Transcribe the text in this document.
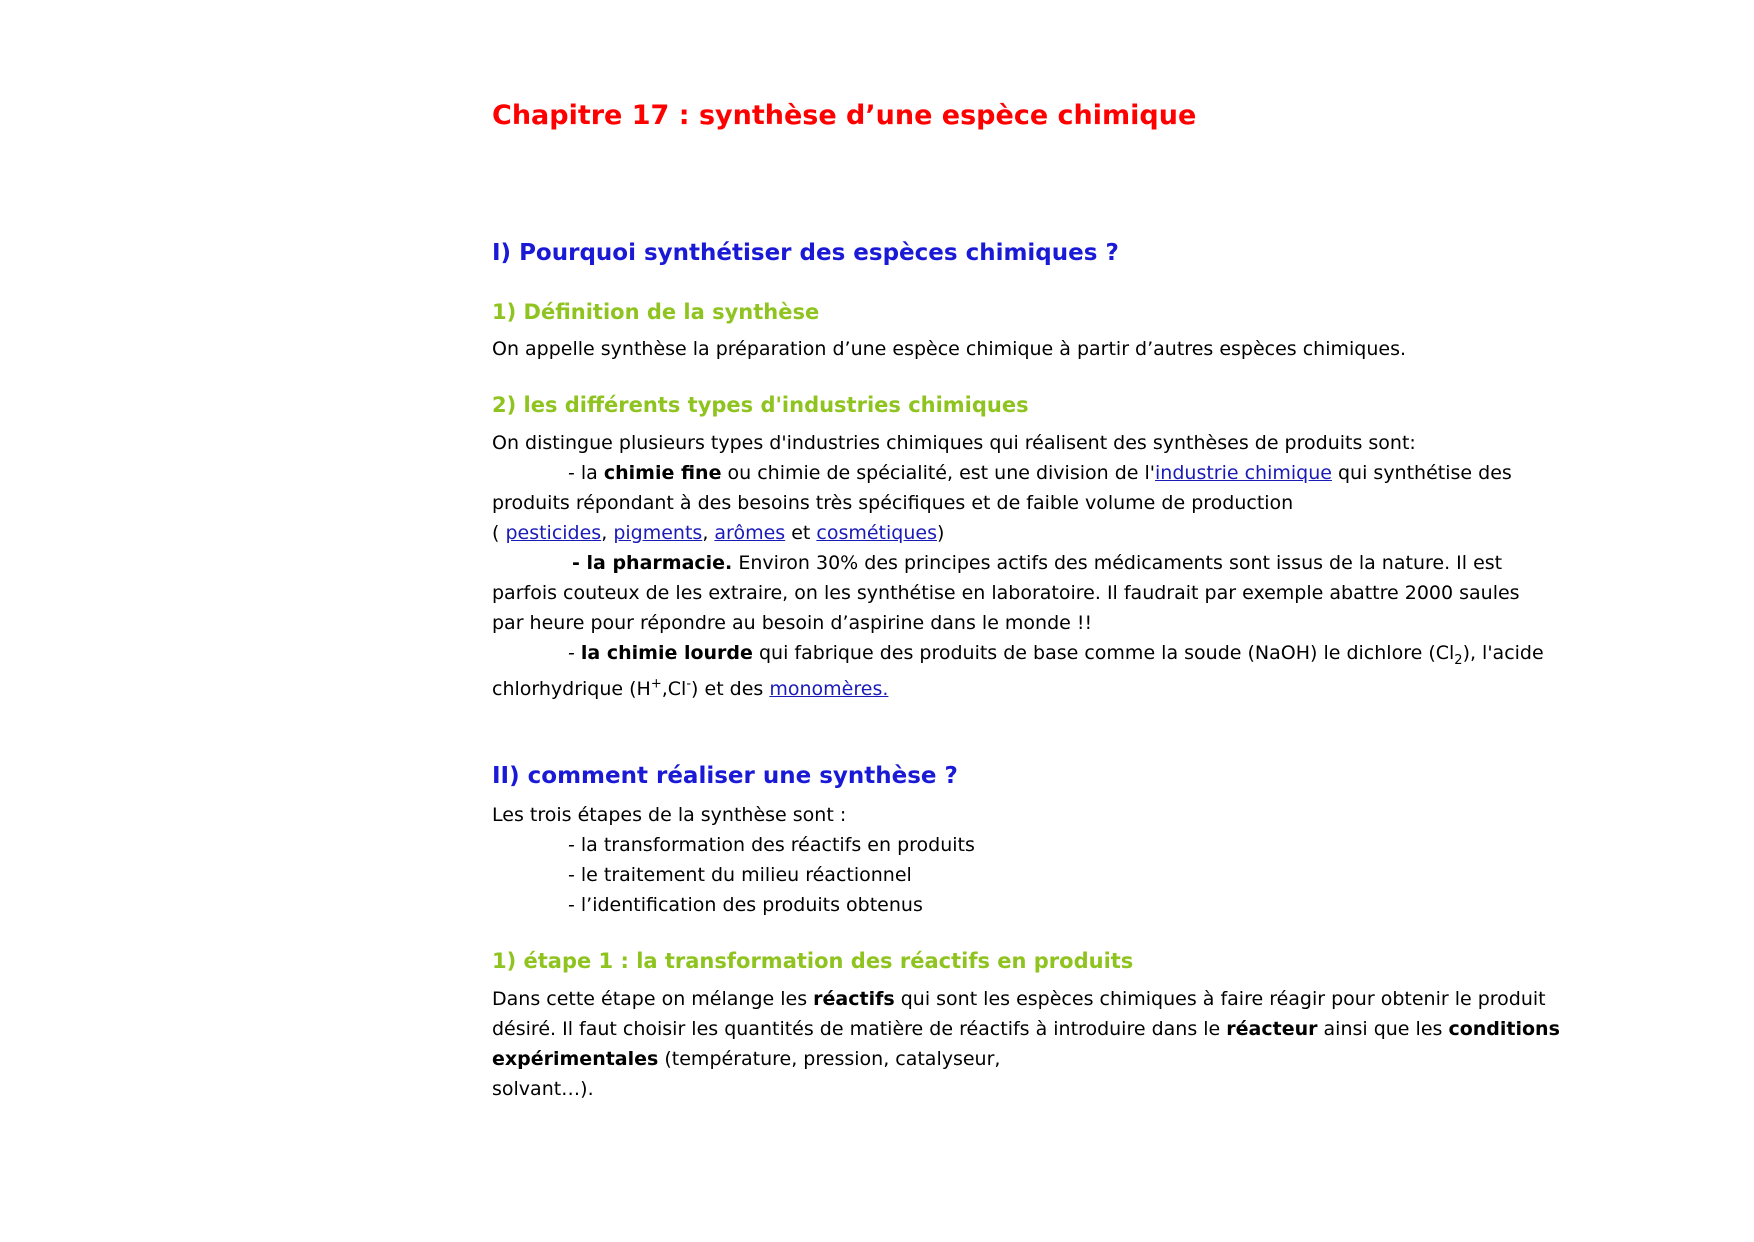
Chapitre 17 : synthèse d’une espèce chimique
I) Pourquoi synthétiser des espèces chimiques ?
1) Définition de la synthèse

On appelle synthèse la préparation d’une espèce chimique à partir d’autres espèces chimiques.

2) les différents types d'industries chimiques

On distingue plusieurs types d'industries chimiques qui réalisent des synthèses de produits sont:

- la chimie fine ou chimie de spécialité, est une division de l'industrie chimique qui synthétise des

produits répondant à des besoins très spécifiques et de faible volume de production

( pesticides, pigments, arômes et cosmétiques)

- la pharmacie. Environ 30% des principes actifs des médicaments sont issus de la nature. Il est

parfois couteux de les extraire, on les synthétise en laboratoire. Il faudrait par exemple abattre 2000 saules

par heure pour répondre au besoin d’aspirine dans le monde !!

- la chimie lourde qui fabrique des produits de base comme la soude (NaOH) le dichlore $(Cl_2)$, l'acide

chlorhydrique (H+,Cl-) et des monomères.

II) comment réaliser une synthèse ?

Les trois étapes de la synthèse sont :

- la transformation des réactifs en produits

- le traitement du milieu réactionnel

- l’identification des produits obtenus

1) étape 1 : la transformation des réactifs en produits

Dans cette étape on mélange les réactifs qui sont les espèces chimiques à faire réagir pour obtenir le produit

désiré. Il faut choisir les quantités de matière de réactifs à introduire dans le réacteur ainsi que les conditions

expérimentales (température, pression, catalyseur,

solvant…).
